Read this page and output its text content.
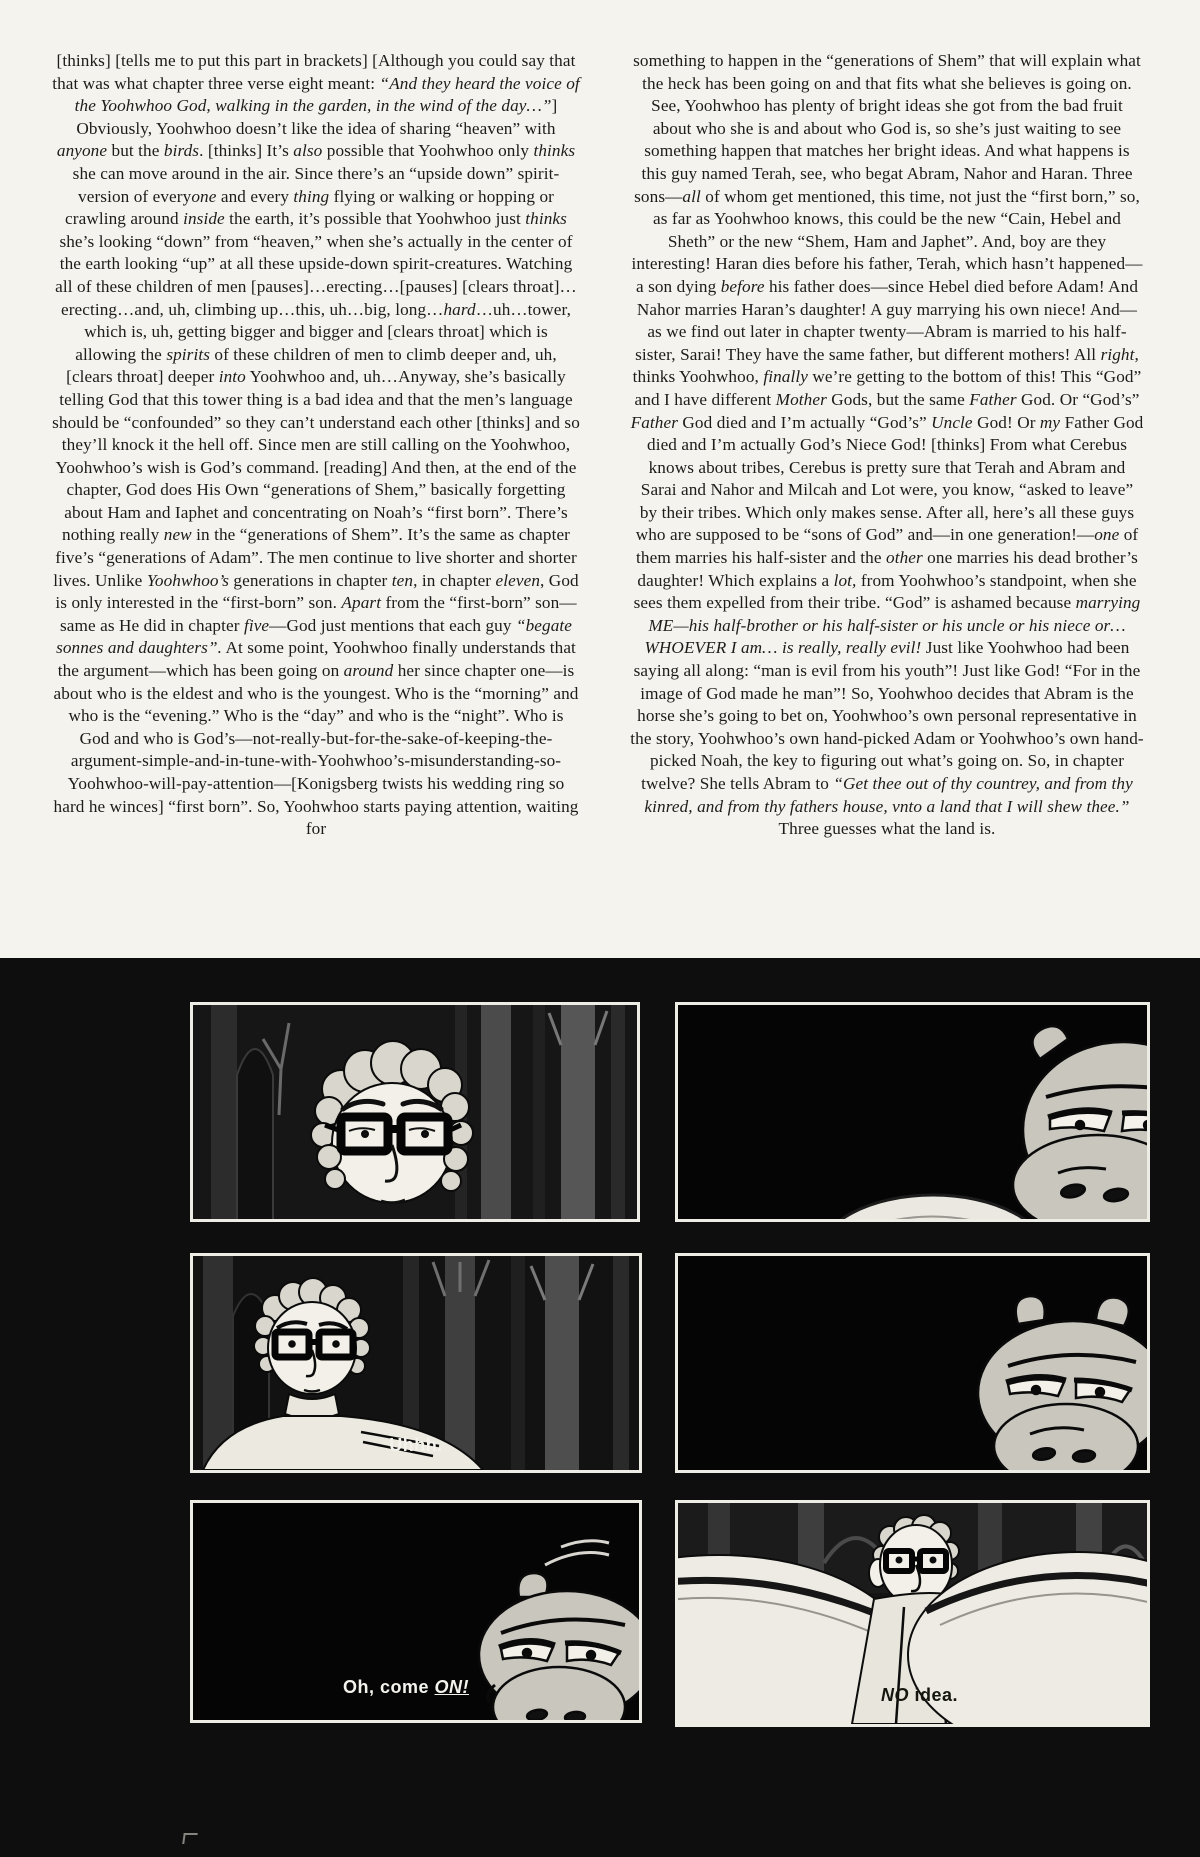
[thinks] [tells me to put this part in brackets] [Although you could say that that was what chapter three verse eight meant: “And they heard the voice of the Yoohwhoo God, walking in the garden, in the wind of the day…”] Obviously, Yoohwhoo doesn’t like the idea of sharing “heaven” with anyone but the birds. [thinks] It’s also possible that Yoohwhoo only thinks she can move around in the air. Since there’s an “upside down” spirit-version of everyone and every thing flying or walking or hopping or crawling around inside the earth, it’s possible that Yoohwhoo just thinks she’s looking “down” from “heaven,” when she’s actually in the center of the earth looking “up” at all these upside-down spirit-creatures. Watching all of these children of men [pauses]…erecting…[pauses] [clears throat]…erecting…and, uh, climbing up…this, uh…big, long…hard…uh…tower, which is, uh, getting bigger and bigger and [clears throat] which is allowing the spirits of these children of men to climb deeper and, uh, [clears throat] deeper into Yoohwhoo and, uh…Anyway, she’s basically telling God that this tower thing is a bad idea and that the men’s language should be “confounded” so they can’t understand each other [thinks] and so they’ll knock it the hell off. Since men are still calling on the Yoohwhoo, Yoohwhoo’s wish is God’s command. [reading] And then, at the end of the chapter, God does His Own “generations of Shem,” basically forgetting about Ham and Iaphet and concentrating on Noah’s “first born”. There’s nothing really new in the “generations of Shem”. It’s the same as chapter five’s “generations of Adam”. The men continue to live shorter and shorter lives. Unlike Yoohwhoo’s generations in chapter ten, in chapter eleven, God is only interested in the “first-born” son. Apart from the “first-born” son—same as He did in chapter five—God just mentions that each guy “begate sonnes and daughters”. At some point, Yoohwhoo finally understands that the argument—which has been going on around her since chapter one—is about who is the eldest and who is the youngest. Who is the “morning” and who is the “evening.” Who is the “day” and who is the “night”. Who is God and who is God’s—not-really-but-for-the-sake-of-keeping-the-argument-simple-and-in-tune-with-Yoohwhoo’s-misunderstanding-so-Yoohwhoo-will-pay-attention—[Konigsberg twists his wedding ring so hard he winces] “first born”. So, Yoohwhoo starts paying attention, waiting for
something to happen in the “generations of Shem” that will explain what the heck has been going on and that fits what she believes is going on. See, Yoohwhoo has plenty of bright ideas she got from the bad fruit about who she is and about who God is, so she’s just waiting to see something happen that matches her bright ideas. And what happens is this guy named Terah, see, who begat Abram, Nahor and Haran. Three sons—all of whom get mentioned, this time, not just the “first born,” so, as far as Yoohwhoo knows, this could be the new “Cain, Hebel and Sheth” or the new “Shem, Ham and Japhet”. And, boy are they interesting! Haran dies before his father, Terah, which hasn’t happened—a son dying before his father does—since Hebel died before Adam! And Nahor marries Haran’s daughter! A guy marrying his own niece! And—as we find out later in chapter twenty—Abram is married to his half-sister, Sarai! They have the same father, but different mothers! All right, thinks Yoohwhoo, finally we’re getting to the bottom of this! This “God” and I have different Mother Gods, but the same Father God. Or “God’s” Father God died and I’m actually “God’s” Uncle God! Or my Father God died and I’m actually God’s Niece God! [thinks] From what Cerebus knows about tribes, Cerebus is pretty sure that Terah and Abram and Sarai and Nahor and Milcah and Lot were, you know, “asked to leave” by their tribes. Which only makes sense. After all, here’s all these guys who are supposed to be “sons of God” and—in one generation!—one of them marries his half-sister and the other one marries his dead brother’s daughter! Which explains a lot, from Yoohwhoo’s standpoint, when she sees them expelled from their tribe. “God” is ashamed because marrying ME—his half-brother or his half-sister or his uncle or his niece or…WHOEVER I am… is really, really evil! Just like Yoohwhoo had been saying all along: “man is evil from his youth”! Just like God! “For in the image of God made he man”! So, Yoohwhoo decides that Abram is the horse she’s going to bet on, Yoohwhoo’s own personal representative in the story, Yoohwhoo’s own hand-picked Adam or Yoohwhoo’s own hand-picked Noah, the key to figuring out what’s going on. So, in chapter twelve? She tells Abram to “Get thee out of thy countrey, and from thy kinred, and from thy fathers house, vnto a land that I will shew thee.” Three guesses what the land is.
Uhhh.
Oh, come ON!	NO idea.
